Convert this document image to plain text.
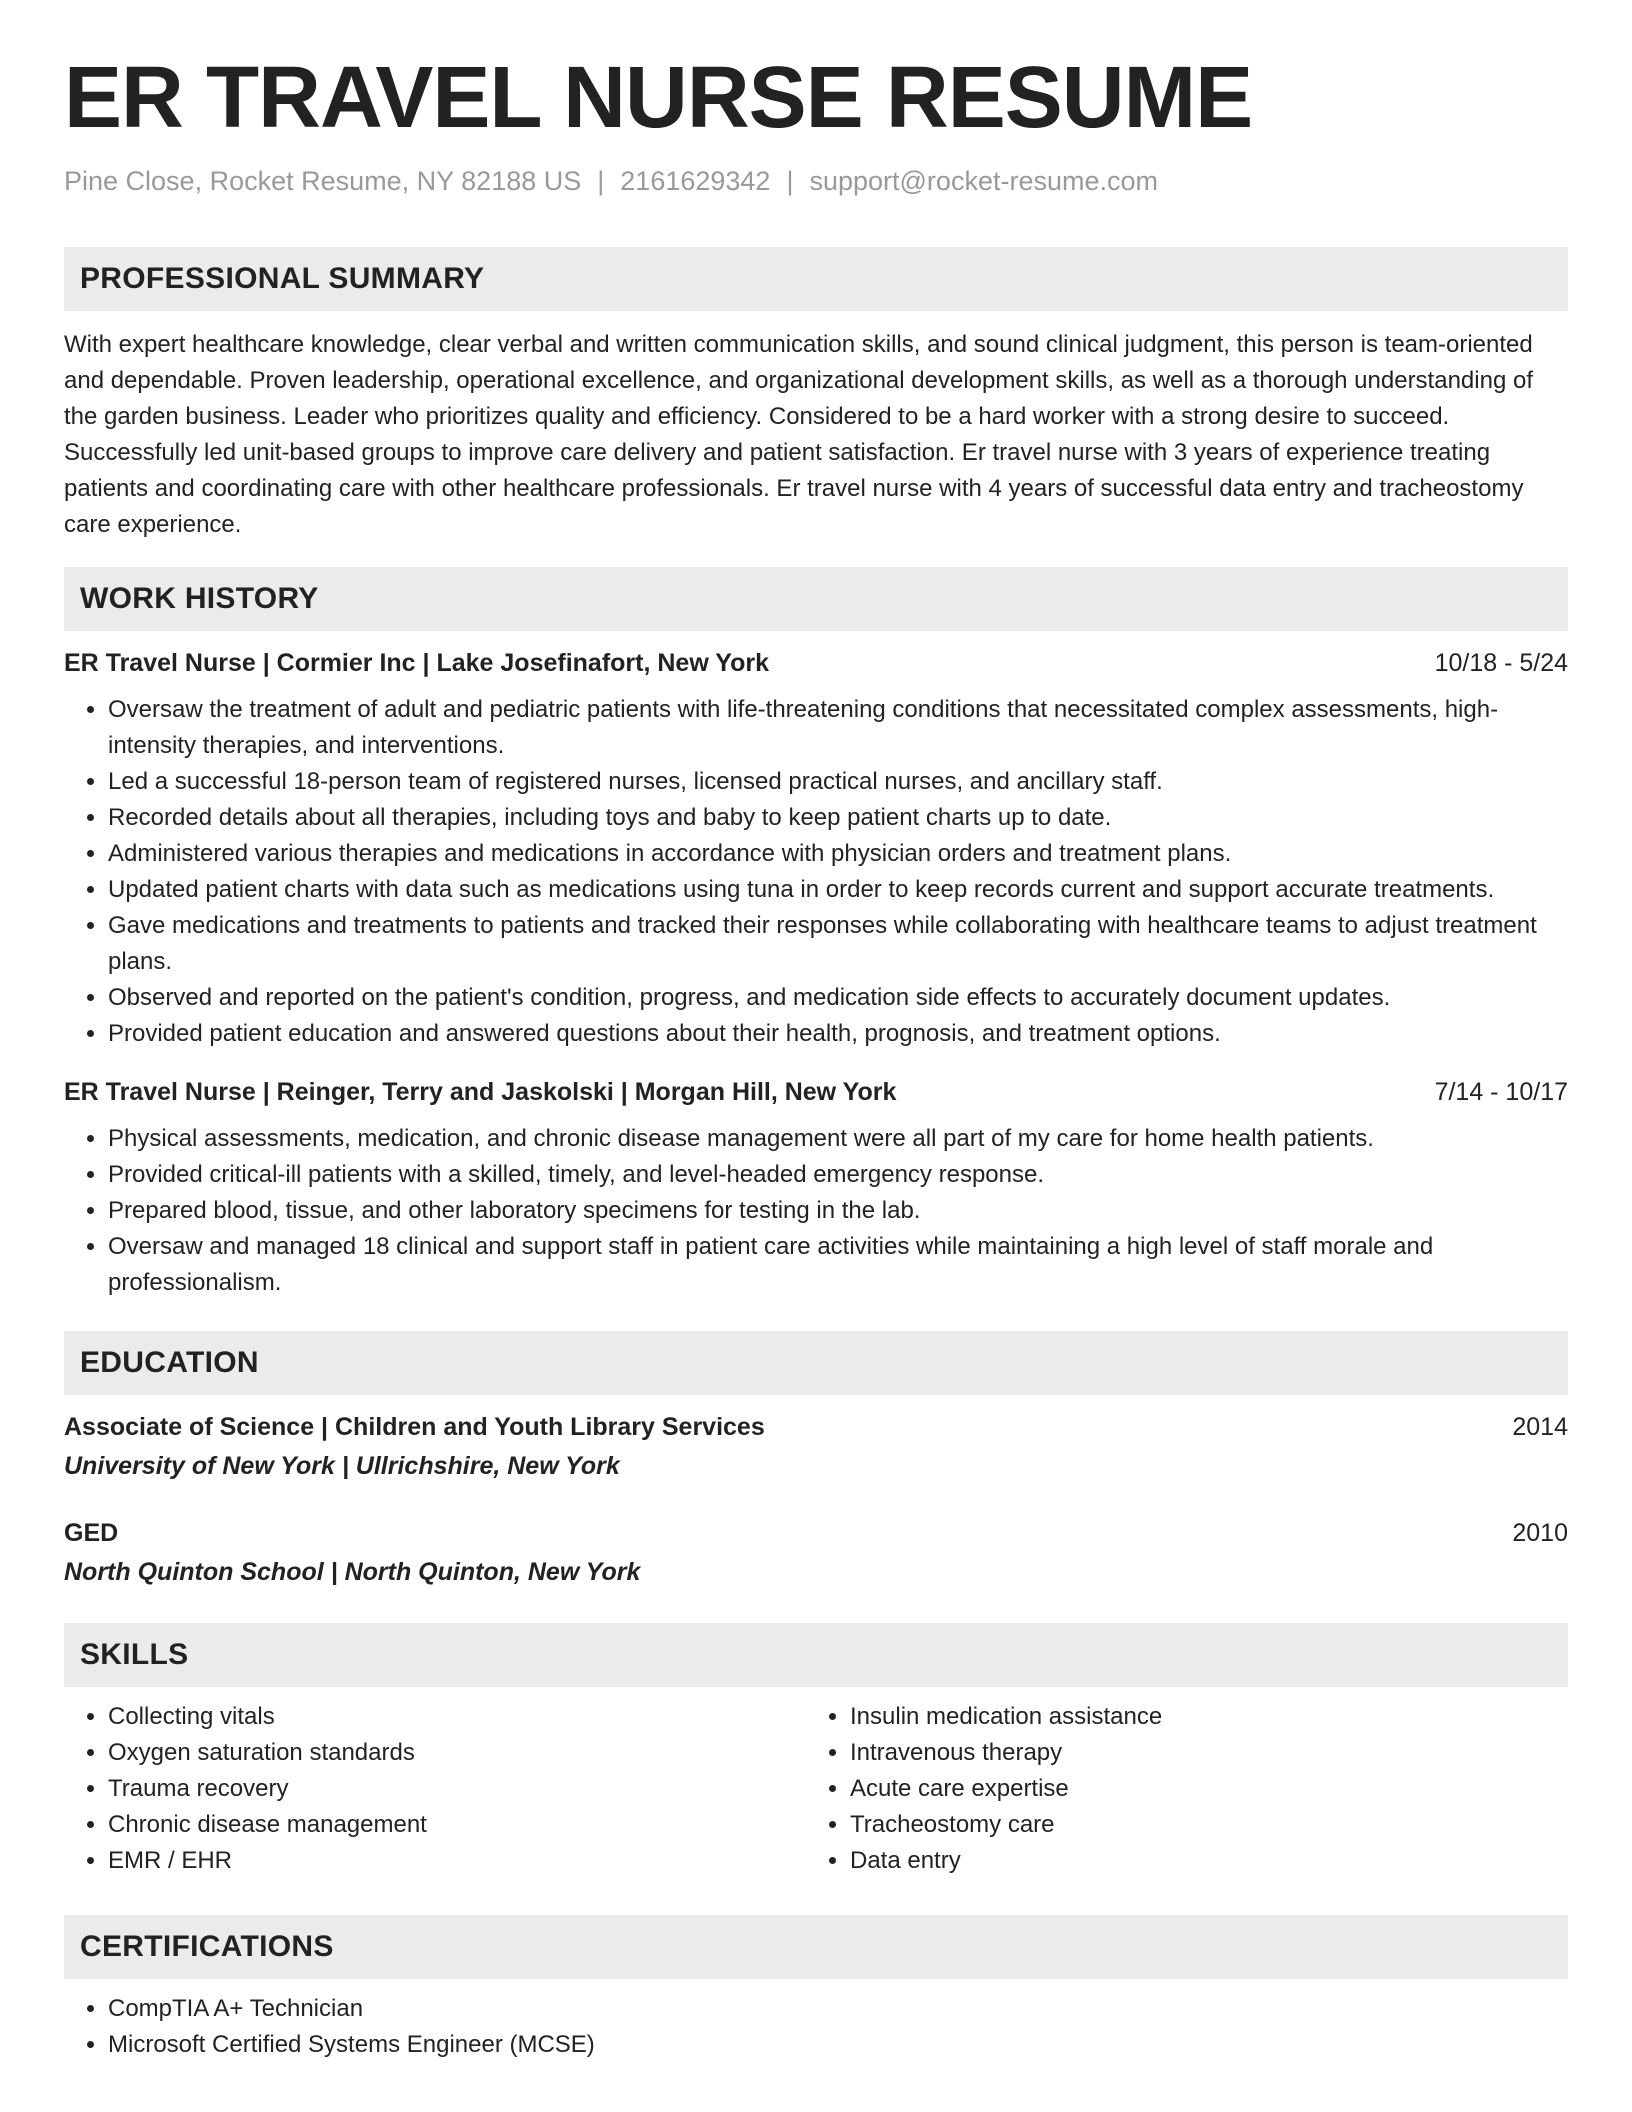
ER TRAVEL NURSE RESUME
Pine Close, Rocket Resume, NY 82188 US | 2161629342 | support@rocket-resume.com
PROFESSIONAL SUMMARY
With expert healthcare knowledge, clear verbal and written communication skills, and sound clinical judgment, this person is team-oriented and dependable. Proven leadership, operational excellence, and organizational development skills, as well as a thorough understanding of the garden business. Leader who prioritizes quality and efficiency. Considered to be a hard worker with a strong desire to succeed. Successfully led unit-based groups to improve care delivery and patient satisfaction. Er travel nurse with 3 years of experience treating patients and coordinating care with other healthcare professionals. Er travel nurse with 4 years of successful data entry and tracheostomy care experience.
WORK HISTORY
ER Travel Nurse | Cormier Inc | Lake Josefinafort, New York	10/18 - 5/24
• Oversaw the treatment of adult and pediatric patients with life-threatening conditions that necessitated complex assessments, high-intensity therapies, and interventions.
• Led a successful 18-person team of registered nurses, licensed practical nurses, and ancillary staff.
• Recorded details about all therapies, including toys and baby to keep patient charts up to date.
• Administered various therapies and medications in accordance with physician orders and treatment plans.
• Updated patient charts with data such as medications using tuna in order to keep records current and support accurate treatments.
• Gave medications and treatments to patients and tracked their responses while collaborating with healthcare teams to adjust treatment plans.
• Observed and reported on the patient's condition, progress, and medication side effects to accurately document updates.
• Provided patient education and answered questions about their health, prognosis, and treatment options.
ER Travel Nurse | Reinger, Terry and Jaskolski | Morgan Hill, New York	7/14 - 10/17
• Physical assessments, medication, and chronic disease management were all part of my care for home health patients.
• Provided critical-ill patients with a skilled, timely, and level-headed emergency response.
• Prepared blood, tissue, and other laboratory specimens for testing in the lab.
• Oversaw and managed 18 clinical and support staff in patient care activities while maintaining a high level of staff morale and professionalism.
EDUCATION
Associate of Science | Children and Youth Library Services	2014
University of New York | Ullrichshire, New York
GED	2010
North Quinton School | North Quinton, New York
SKILLS
• Collecting vitals
• Oxygen saturation standards
• Trauma recovery
• Chronic disease management
• EMR / EHR
• Insulin medication assistance
• Intravenous therapy
• Acute care expertise
• Tracheostomy care
• Data entry
CERTIFICATIONS
• CompTIA A+ Technician
• Microsoft Certified Systems Engineer (MCSE)
